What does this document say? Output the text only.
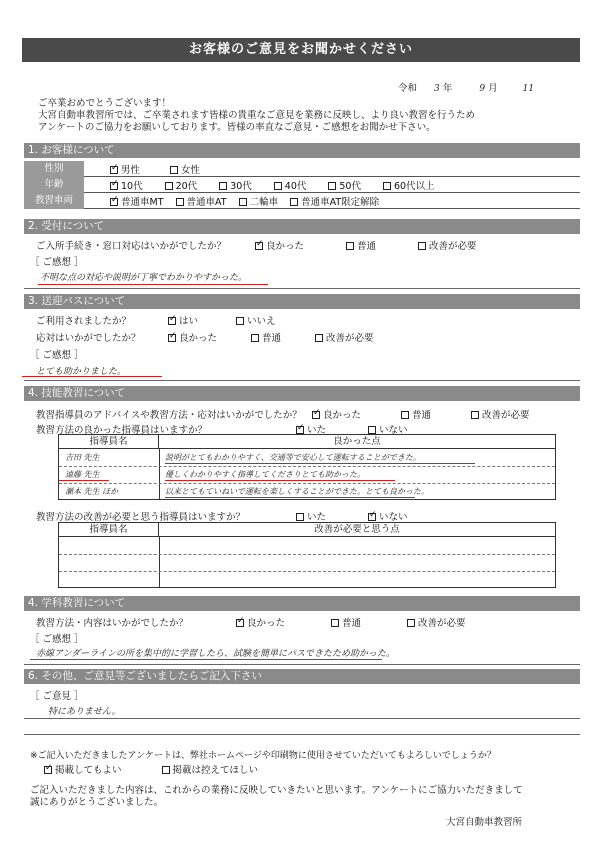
お客様のご意見をお聞かせください
令和 3 年	9 月	11
ご卒業おめでとうございます！
大宮自動車教習所では、ご卒業されます皆様の貴重なご意見を業務に反映し、より良い教習を行うため
アンケートのご協力をお願いしております。皆様の率直なご意見・ご感想をお聞かせ下さい。
1. お客様について
性別 ✓	男性	女性
年齢 ✓	10代	20代	30代	40代	50代	60代以上
教習車両 ✓	普通車MT	普通車AT	二輪車	普通車AT限定解除
2. 受付について
ご入所手続き・窓口対応はいかがでしたか？ ✓	良かった	普通	改善が必要
［ ご感想 ］
不明な点の対応や説明が丁寧でわかりやすかった。
3. 送迎バスについて
ご利用されましたか？ ✓	はい	いいえ
応対はいかがでしたか？ ✓	良かった	普通	改善が必要
［ ご感想 ］
とても助かりました。
4. 技能教習について
教習指導員のアドバイスや教習方法・応対はいかがでしたか？ ✓	良かった	普通	改善が必要
教習方法の良かった指導員はいますか？ ✓	いた	いない
指導員名	良かった点
吉田 先生	説明がとてもわかりやすく、交通等で安心して運転することができた。
遠藤 先生	優しくわかりやすく指導してくださりとても助かった。
瀬本 先生 ほか	以来とてもていねいで運転を楽しくすることができた。とても良かった。
教習方法の改善が必要と思う指導員はいますか？	いた ✓	いない
指導員名	改善が必要と思う点
4. 学科教習について
教習方法・内容はいかがでしたか？ ✓	良かった	普通	改善が必要
［ ご感想 ］
赤線アンダーラインの所を集中的に学習したら、試験を簡単にパスできたため助かった。
6. その他、ご意見等ございましたらご記入下さい
［ ご意見 ］
特にありません。
※ご記入いただきましたアンケートは、弊社ホームページや印刷物に使用させていただいてもよろしいでしょうか？
✓掲載してもよい	掲載は控えてほしい
ご記入いただきました内容は、これからの業務に反映していきたいと思います。アンケートにご協力いただきまして
誠にありがとうございました。
大宮自動車教習所
